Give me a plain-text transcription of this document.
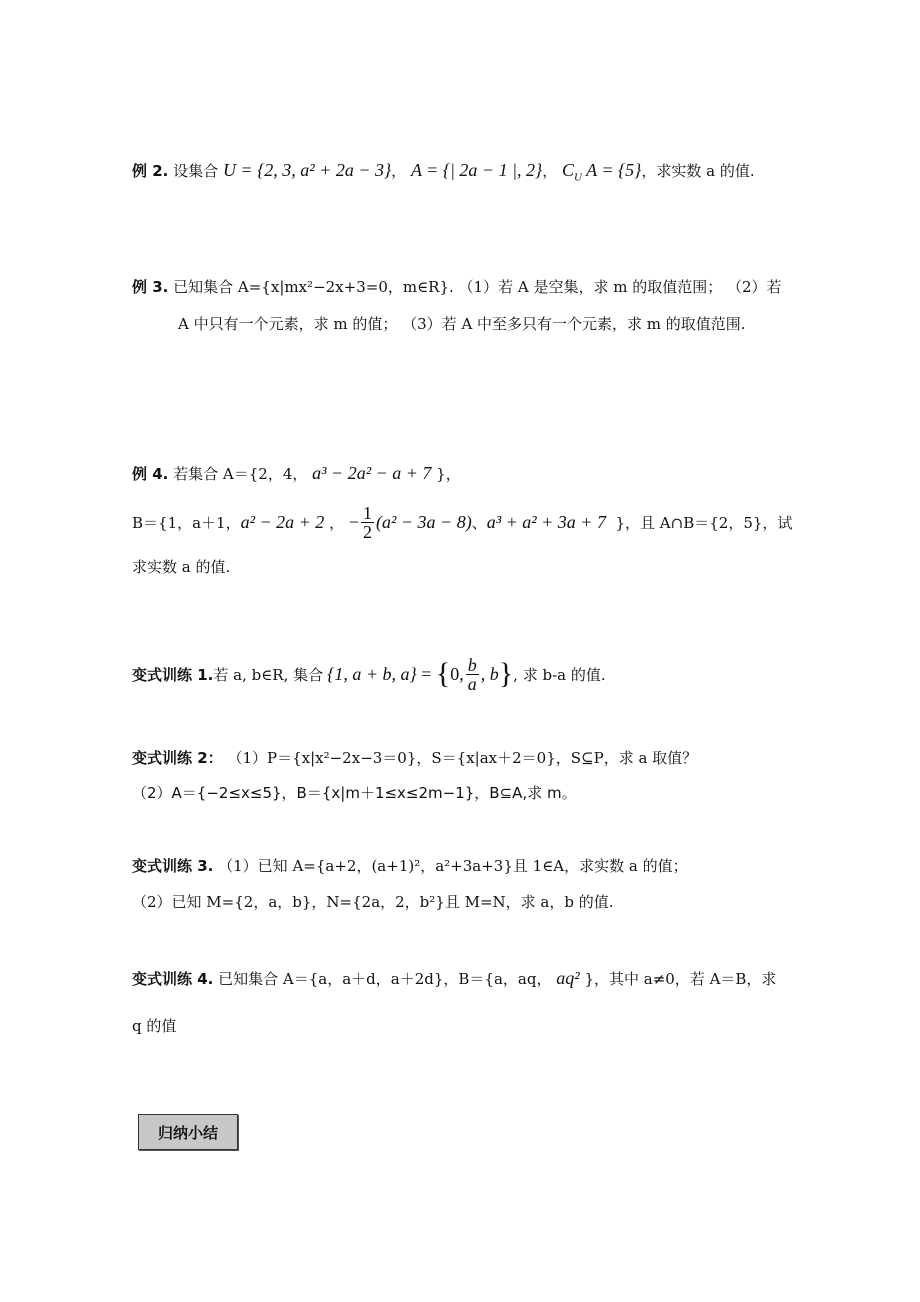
例 2. 设集合 U = {2, 3, a² + 2a − 3}， A = {| 2a − 1 |, 2}， $C_U$ A = {5}，求实数 a 的值.
例 3. 已知集合 A={x|mx²−2x+3=0，m∈R}. （1）若 A 是空集，求 m 的取值范围； （2）若
A 中只有一个元素，求 m 的值； （3）若 A 中至多只有一个元素，求 m 的取值范围.
例 4. 若集合 A＝{2，4， a³ − 2a² − a + 7 }，
B＝{1，a＋1， a² − 2a + 2 ， − $\frac{1}{2} (a^2 - 3a - 8)$ 、 a³ + a² + 3a + 7
}，且 A∩B＝{2，5}，试
求实数 a 的值.
变式训练 1. 若 a, b∈R, 集合 {1, a + b, a} = { 0, $\frac{b}{a}$ , b } , 求 b-a 的值.
变式训练 2： （1）P＝{x|x²−2x−3＝0}，S＝{x|ax＋2＝0}，S⊆P，求 a 取值？
（2）A＝{−2≤x≤5}，B＝{x|m＋1≤x≤2m−1}，B⊆A,求 m。
变式训练 3. （1）已知 A={a+2，(a+1)²，a²+3a+3}且 1∈A，求实数 a 的值；
（2）已知 M={2，a，b}，N={2a，2，b²}且 M=N，求 a，b 的值.
变式训练 4. 已知集合 A＝{a，a＋d，a＋2d}，B＝{a，aq， aq² }，其中 a≠0，若 A＝B，求
q 的值
归纳小结
